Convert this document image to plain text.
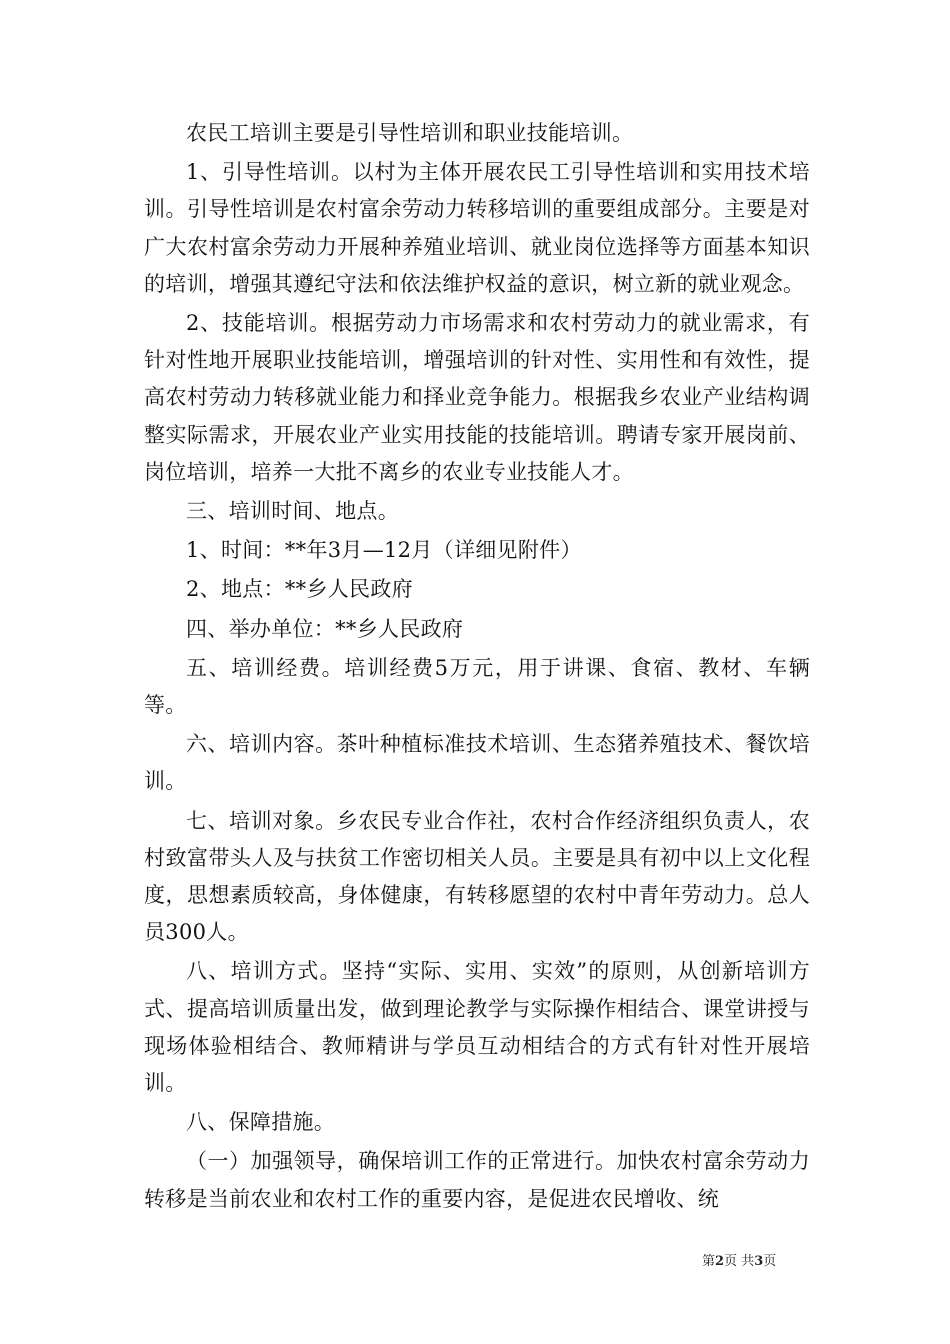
农民工培训主要是引导性培训和职业技能培训。

1、引导性培训。以村为主体开展农民工引导性培训和实用技术培训。引导性培训是农村富余劳动力转移培训的重要组成部分。主要是对广大农村富余劳动力开展种养殖业培训、就业岗位选择等方面基本知识的培训，增强其遵纪守法和依法维护权益的意识，树立新的就业观念。

2、技能培训。根据劳动力市场需求和农村劳动力的就业需求，有针对性地开展职业技能培训，增强培训的针对性、实用性和有效性，提高农村劳动力转移就业能力和择业竞争能力。根据我乡农业产业结构调整实际需求，开展农业产业实用技能的技能培训。聘请专家开展岗前、岗位培训，培养一大批不离乡的农业专业技能人才。

三、培训时间、地点。

1、时间：**年3月—12月（详细见附件）

2、地点：**乡人民政府

四、举办单位：**乡人民政府

五、培训经费。培训经费5万元，用于讲课、食宿、教材、车辆等。

六、培训内容。茶叶种植标准技术培训、生态猪养殖技术、餐饮培训。

七、培训对象。乡农民专业合作社，农村合作经济组织负责人，农村致富带头人及与扶贫工作密切相关人员。主要是具有初中以上文化程度，思想素质较高，身体健康，有转移愿望的农村中青年劳动力。总人员300人。

八、培训方式。坚持“实际、实用、实效”的原则，从创新培训方式、提高培训质量出发，做到理论教学与实际操作相结合、课堂讲授与现场体验相结合、教师精讲与学员互动相结合的方式有针对性开展培训。

八、保障措施。

（一）加强领导，确保培训工作的正常进行。加快农村富余劳动力转移是当前农业和农村工作的重要内容，是促进农民增收、统

第2页 共3页
